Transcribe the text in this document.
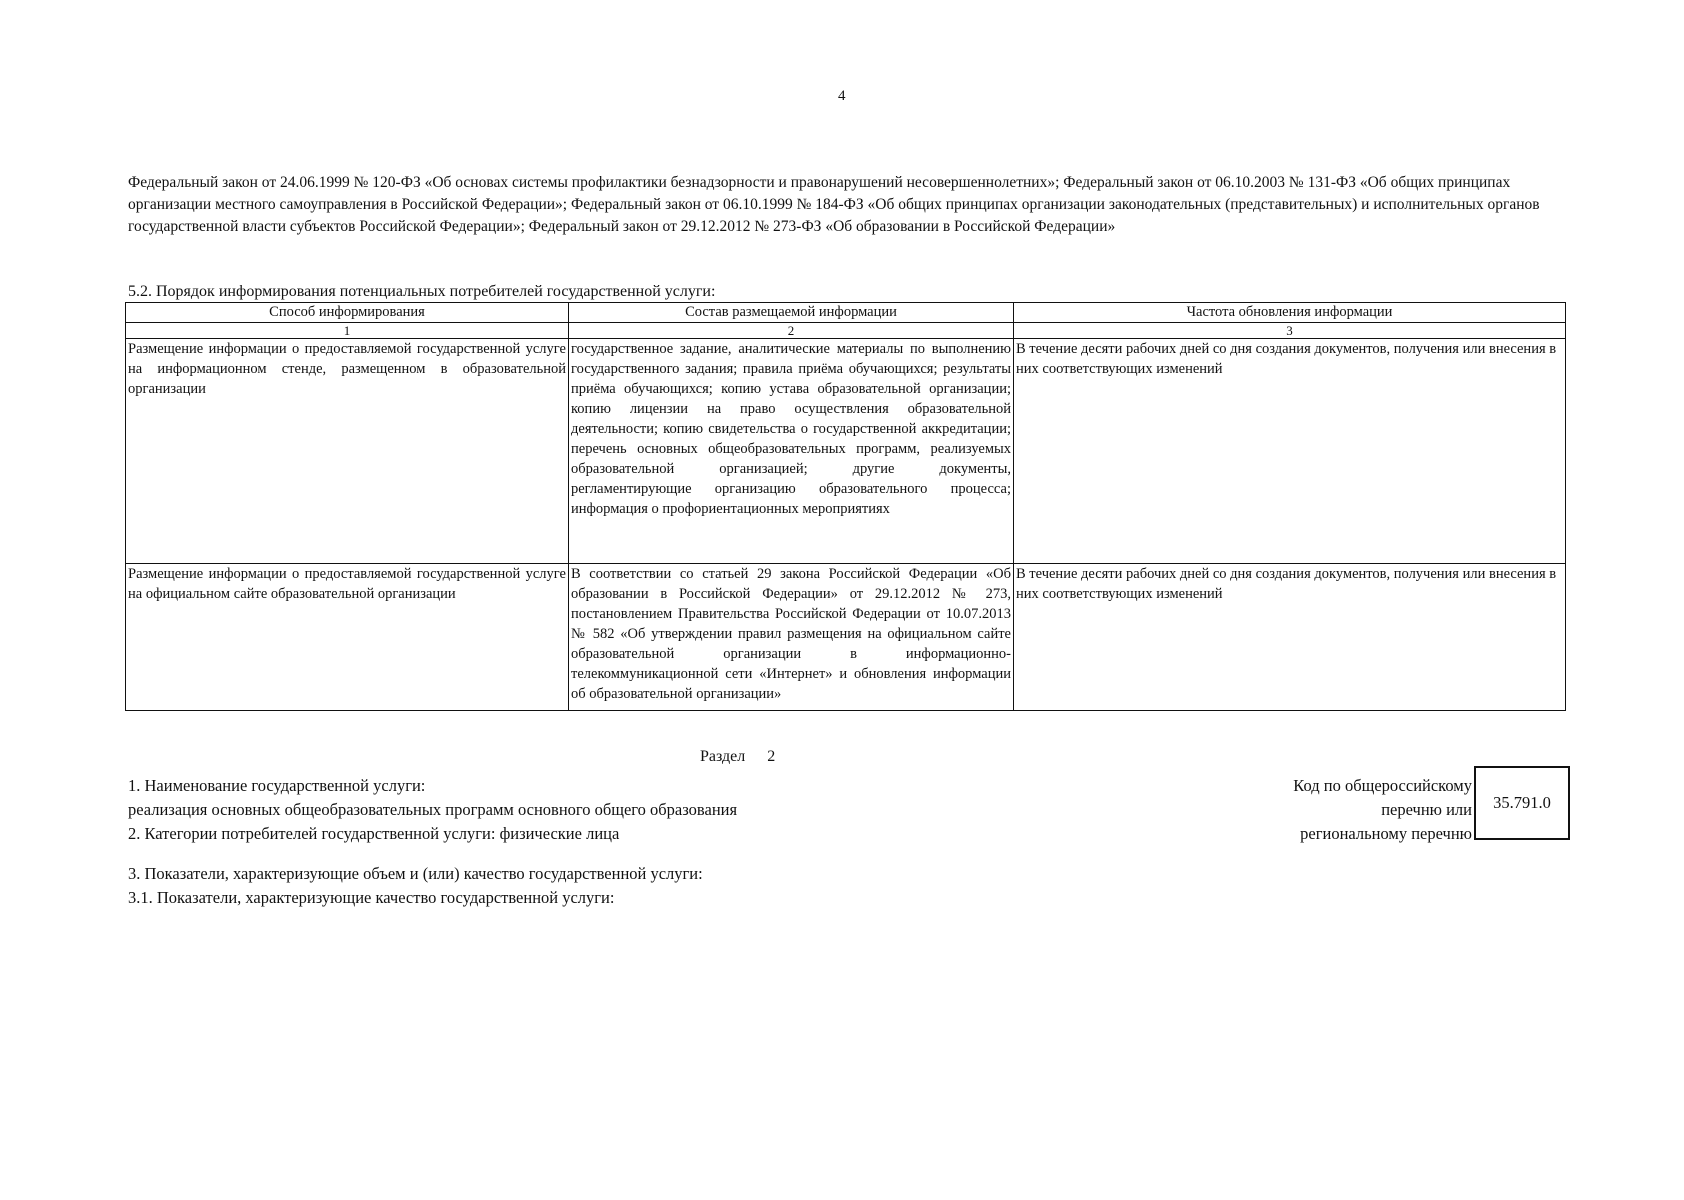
4
Федеральный закон от 24.06.1999 № 120-ФЗ «Об основах системы профилактики безнадзорности и правонарушений несовершеннолетних»; Федеральный закон от 06.10.2003 № 131-ФЗ «Об общих принципах организации местного самоуправления в Российской Федерации»; Федеральный закон от 06.10.1999 № 184-ФЗ «Об общих принципах организации законодательных (представительных) и исполнительных органов государственной власти субъектов Российской Федерации»; Федеральный закон от 29.12.2012 № 273-ФЗ «Об образовании в Российской Федерации»
5.2. Порядок информирования потенциальных потребителей государственной услуги:
Способ информирования	Состав размещаемой информации	Частота обновления информации
1	2	3
Размещение информации о предоставляемой государственной услуге на информационном стенде, размещенном в образовательной организации	государственное задание, аналитические материалы по выполнению государственного задания; правила приёма обучающихся; результаты приёма обучающихся; копию устава образовательной организации; копию лицензии на право осуществления образовательной деятельности; копию свидетельства о государственной аккредитации; перечень основных общеобразовательных программ, реализуемых образовательной организацией; другие документы, регламентирующие организацию образовательного процесса; информация о профориентационных мероприятиях	В течение десяти рабочих дней со дня создания документов, получения или внесения в них соответствующих изменений
Размещение информации о предоставляемой государственной услуге на официальном сайте образовательной организации	В соответствии со статьей 29 закона Российской Федерации «Об образовании в Российской Федерации» от 29.12.2012 № 273, постановлением Правительства Российской Федерации от 10.07.2013 № 582 «Об утверждении правил размещения на официальном сайте образовательной организации в информационно-телекоммуникационной сети «Интернет» и обновления информации об образовательной организации»	В течение десяти рабочих дней со дня создания документов, получения или внесения в них соответствующих изменений
Раздел 2
1. Наименование государственной услуги:
реализация основных общеобразовательных программ основного общего образования
2. Категории потребителей государственной услуги: физические лица
3. Показатели, характеризующие объем и (или) качество государственной услуги:
3.1. Показатели, характеризующие качество государственной услуги:
Код по общероссийскому
перечню или
региональному перечню
35.791.0
